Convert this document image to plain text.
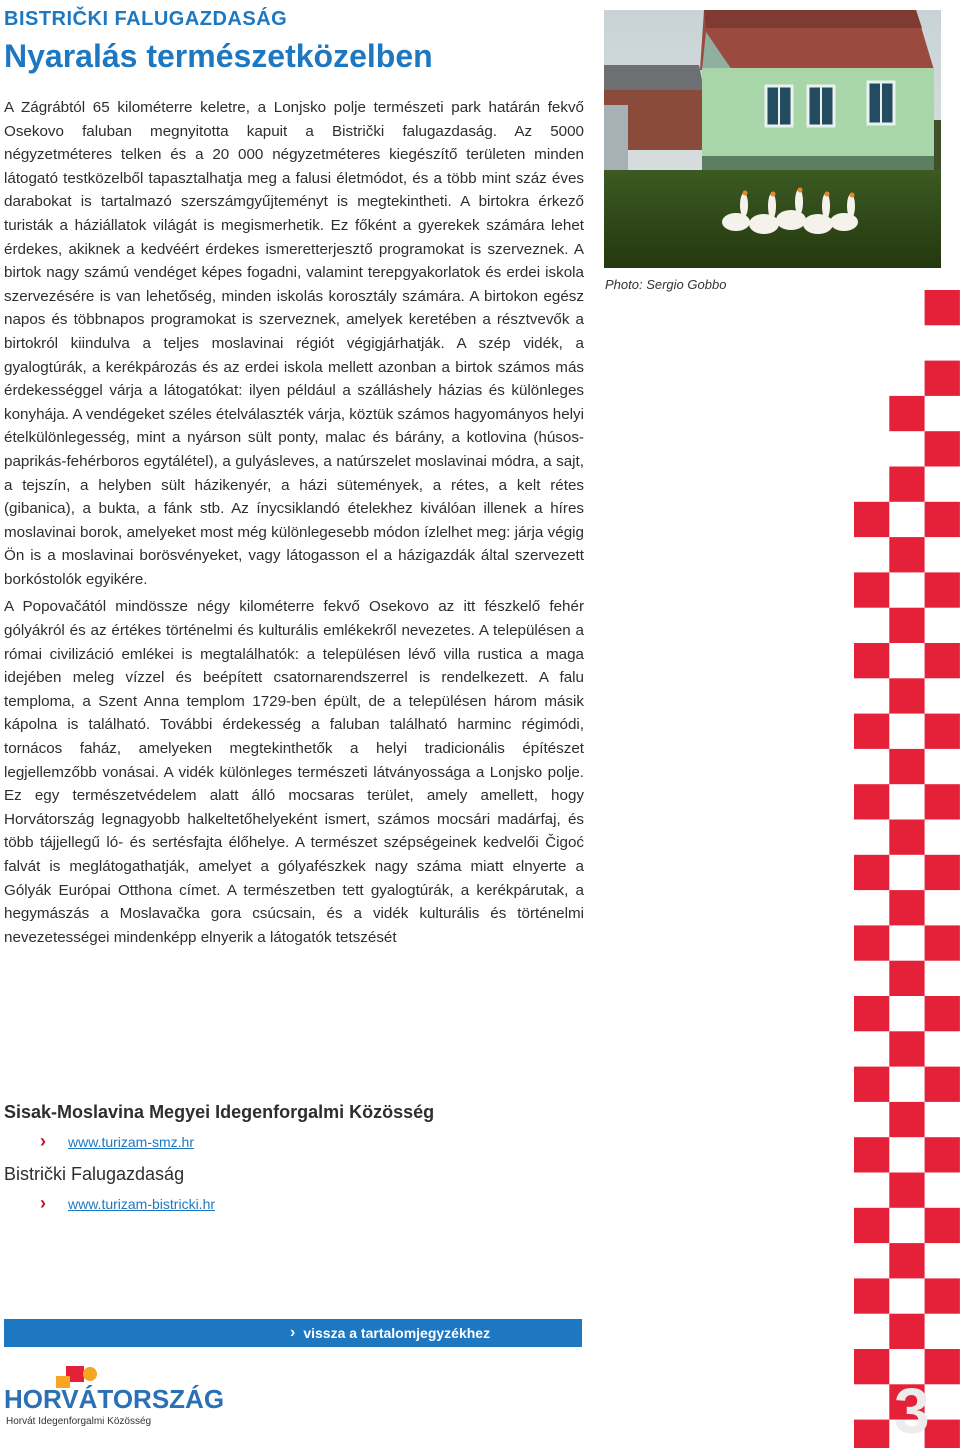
BISTRIČKI FALUGAZDASÁG
Nyaralás természetközelben

A Zágrábtól 65 kilométerre keletre, a Lonjsko polje természeti park határán fekvő Osekovo faluban megnyitotta kapuit a Bistrički falugazdaság. Az 5000 négyzetméteres telken és a 20 000 négyzetméteres kiegészítő területen minden látogató testközelből tapasztalhatja meg a falusi életmódot, és a több mint száz éves darabokat is tartalmazó szerszámgyűjteményt is megtekintheti. A birtokra érkező turisták a háziállatok világát is megismerhetik. Ez főként a gyerekek számára lehet érdekes, akiknek a kedvéért érdekes ismeretterjesztő programokat is szerveznek. A birtok nagy számú vendéget képes fogadni, valamint terepgyakorlatok és erdei iskola szervezésére is van lehetőség, minden iskolás korosztály számára. A birtokon egész napos és többnapos programokat is szerveznek, amelyek keretében a résztvevők a birtokról kiindulva a teljes moslavinai régiót végigjárhatják. A szép vidék, a gyalogtúrák, a kerékpározás és az erdei iskola mellett azonban a birtok számos más érdekességgel várja a látogatókat: ilyen például a szálláshely házias és különleges konyhája. A vendégeket széles ételválaszték várja, köztük számos hagyományos helyi ételkülönlegesség, mint a nyárson sült ponty, malac és bárány, a kotlovina (húsos-paprikás-fehérboros egytálétel), a gulyásleves, a natúrszelet moslavinai módra, a sajt, a tejszín, a helyben sült házikenyér, a házi sütemények, a rétes, a kelt rétes (gibanica), a bukta, a fánk stb. Az ínycsiklandó ételekhez kiválóan illenek a híres moslavinai borok, amelyeket most még különlegesebb módon ízlelhet meg: járja végig Ön is a moslavinai borösvényeket, vagy látogasson el a házigazdák által szervezett borkóstolók egyikére.

A Popovačától mindössze négy kilométerre fekvő Osekovo az itt fészkelő fehér gólyákról és az értékes történelmi és kulturális emlékekről nevezetes. A településen a római civilizáció emlékei is megtalálhatók: a településen lévő villa rustica a maga idejében meleg vízzel és beépített csatornarendszerrel is rendelkezett. A falu temploma, a Szent Anna templom 1729-ben épült, de a településen három másik kápolna is található. További érdekesség a faluban található harminc régimódi, tornácos faház, amelyeken megtekinthetők a helyi tradicionális építészet legjellemzőbb vonásai. A vidék különleges természeti látványossága a Lonjsko polje. Ez egy természetvédelem alatt álló mocsaras terület, amely amellett, hogy Horvátország legnagyobb halkeltetőhelyeként ismert, számos mocsári madárfaj, és több tájjellegű ló- és sertésfajta élőhelye. A természet szépségeinek kedvelői Čigoć falvát is meglátogathatják, amelyet a gólyafészkek nagy száma miatt elnyerte a Gólyák Európai Otthona címet. A természetben tett gyalogtúrák, a kerékpárutak, a hegymászás a Moslavačka gora csúcsain, és a vidék kulturális és történelmi nevezetességei mindenképp elnyerik a látogatók tetszését

Photo: Sergio Gobbo
Sisak-Moslavina Megyei Idegenforgalmi Közösség
›	www.turizam-smz.hr
Bistrički Falugazdaság
›	www.turizam-bistricki.hr
› vissza a tartalomjegyzékhez
HORVÁTORSZÁG
Horvát Idegenforgalmi Közösség	3
